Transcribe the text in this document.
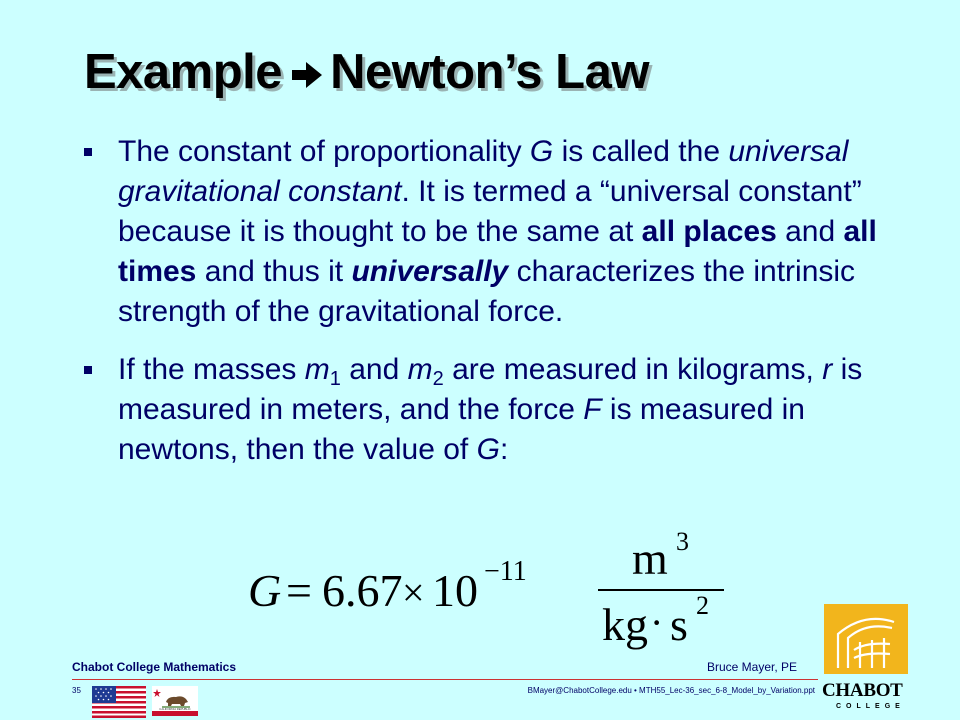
Example Newton’s Law
The constant of proportionality G is called the universal gravitational constant. It is termed a “universal constant” because it is thought to be the same at all places and all times and thus it universally characterizes the intrinsic strength of the gravitational force.
If the masses $m_1$ and $m_2$ are measured in kilograms, r is measured in meters, and the force F is measured in newtons, then the value of G:
G = 6.67 × 10 −11 m 3
kg · s 2
Chabot College Mathematics	Bruce Mayer, PE
35	BMayer@ChabotCollege.edu • MTH55_Lec-36_sec_6-8_Model_by_Variation.ppt
CALIFORNIA REPUBLIC
CHABOT
COLLEGE
